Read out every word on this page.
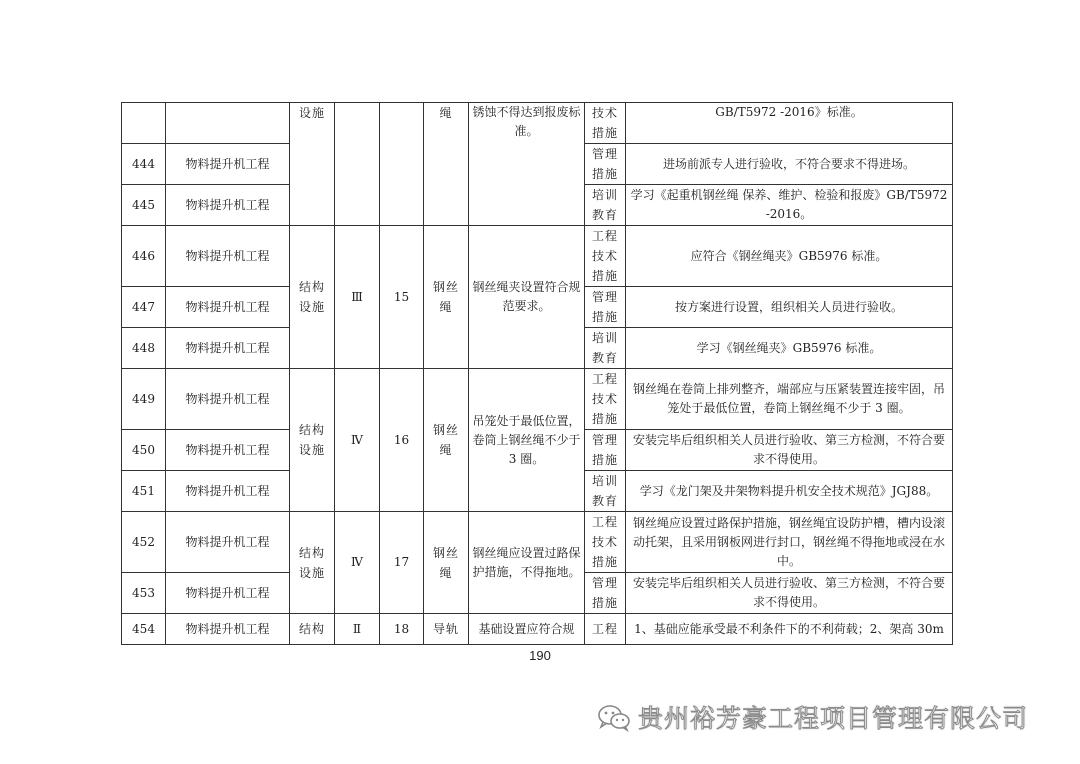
		设施			绳	锈蚀不得达到报废标准。	技术措施	GB/T5972 -2016》标准。
444	物料提升机工程						管理措施	进场前派专人进行验收，不符合要求不得进场。
445	物料提升机工程						培训教育	学习《起重机钢丝绳 保养、维护、检验和报废》GB/T5972 -2016。
446	物料提升机工程	结构设施	Ⅲ	15	钢丝绳	钢丝绳夹设置符合规范要求。	工程技术措施	应符合《钢丝绳夹》GB5976 标准。
447	物料提升机工程						管理措施	按方案进行设置，组织相关人员进行验收。
448	物料提升机工程						培训教育	学习《钢丝绳夹》GB5976 标准。
449	物料提升机工程	结构设施	Ⅳ	16	钢丝绳	吊笼处于最低位置，卷筒上钢丝绳不少于 3 圈。	工程技术措施	钢丝绳在卷筒上排列整齐，端部应与压紧装置连接牢固，吊笼处于最低位置，卷筒上钢丝绳不少于 3 圈。
450	物料提升机工程						管理措施	安装完毕后组织相关人员进行验收、第三方检测，不符合要求不得使用。
451	物料提升机工程						培训教育	学习《龙门架及井架物料提升机安全技术规范》JGJ88。
452	物料提升机工程	结构设施	Ⅳ	17	钢丝绳	钢丝绳应设置过路保护措施，不得拖地。	工程技术措施	钢丝绳应设置过路保护措施，钢丝绳宜设防护槽，槽内设滚动托架，且采用钢板网进行封口，钢丝绳不得拖地或浸在水中。
453	物料提升机工程						管理措施	安装完毕后组织相关人员进行验收、第三方检测，不符合要求不得使用。
454	物料提升机工程	结构	Ⅱ	18	导轨	基础设置应符合规	工程	1、基础应能承受最不利条件下的不利荷载；2、架高 30m
190
贵州裕芳豪工程项目管理有限公司
